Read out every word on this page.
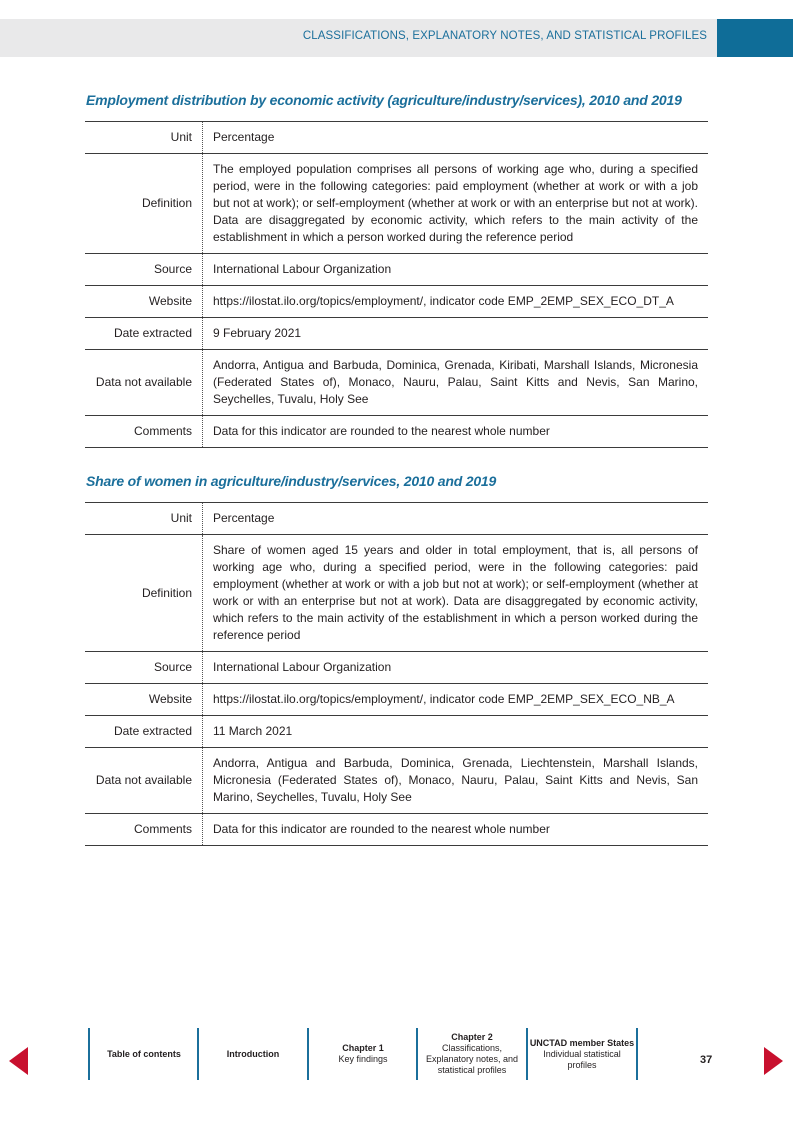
CLASSIFICATIONS, EXPLANATORY NOTES, AND STATISTICAL PROFILES
Employment distribution by economic activity (agriculture/industry/services), 2010 and 2019
Unit	Percentage
Definition	The employed population comprises all persons of working age who, during a specified period, were in the following categories: paid employment (whether at work or with a job but not at work); or self-employment (whether at work or with an enterprise but not at work). Data are disaggregated by economic activity, which refers to the main activity of the establishment in which a person worked during the reference period
Source	International Labour Organization
Website	https://ilostat.ilo.org/topics/employment/, indicator code EMP_2EMP_SEX_ECO_DT_A
Date extracted	9 February 2021
Data not available	Andorra, Antigua and Barbuda, Dominica, Grenada, Kiribati, Marshall Islands, Micronesia (Federated States of), Monaco, Nauru, Palau, Saint Kitts and Nevis, San Marino, Seychelles, Tuvalu, Holy See
Comments	Data for this indicator are rounded to the nearest whole number
Share of women in agriculture/industry/services, 2010 and 2019
Unit	Percentage
Definition	Share of women aged 15 years and older in total employment, that is, all persons of working age who, during a specified period, were in the following categories: paid employment (whether at work or with a job but not at work); or self-employment (whether at work or with an enterprise but not at work). Data are disaggregated by economic activity, which refers to the main activity of the establishment in which a person worked during the reference period
Source	International Labour Organization
Website	https://ilostat.ilo.org/topics/employment/, indicator code EMP_2EMP_SEX_ECO_NB_A
Date extracted	11 March 2021
Data not available	Andorra, Antigua and Barbuda, Dominica, Grenada, Liechtenstein, Marshall Islands, Micronesia (Federated States of), Monaco, Nauru, Palau, Saint Kitts and Nevis, San Marino, Seychelles, Tuvalu, Holy See
Comments	Data for this indicator are rounded to the nearest whole number
Table of contents	Introduction
Chapter 1
Key findings
Chapter 2
Classifications, Explanatory notes, and statistical profiles
UNCTAD member States
Individual statistical profiles	37
